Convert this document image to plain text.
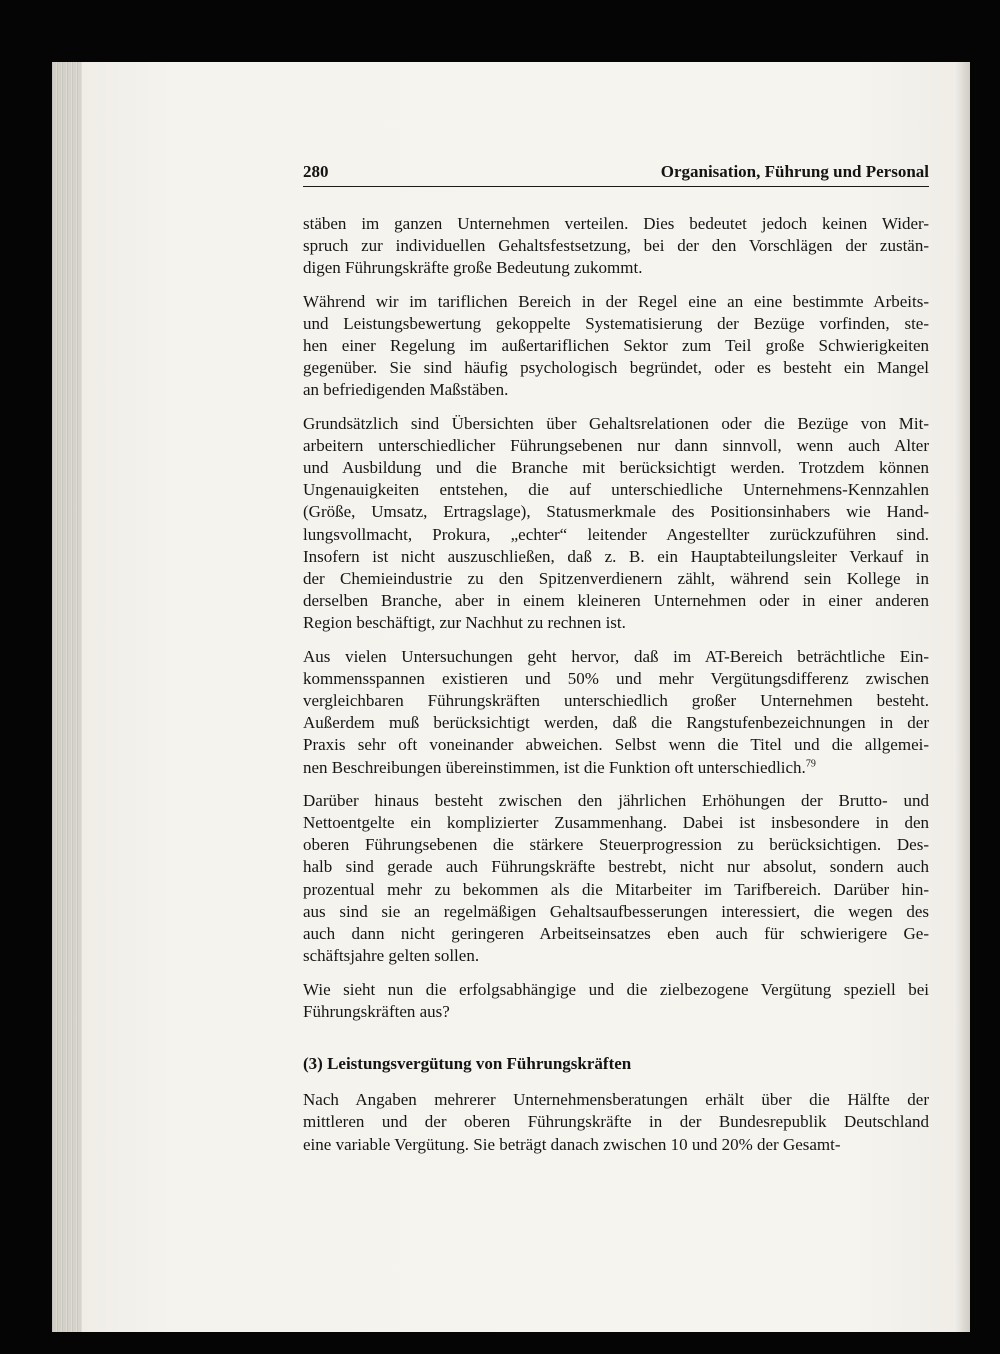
280	Organisation, Führung und Personal
stäben im ganzen Unternehmen verteilen. Dies bedeutet jedoch keinen Wider-
spruch zur individuellen Gehaltsfestsetzung, bei der den Vorschlägen der zustän-
digen Führungskräfte große Bedeutung zukommt.
Während wir im tariflichen Bereich in der Regel eine an eine bestimmte Arbeits-
und Leistungsbewertung gekoppelte Systematisierung der Bezüge vorfinden, ste-
hen einer Regelung im außertariflichen Sektor zum Teil große Schwierigkeiten
gegenüber. Sie sind häufig psychologisch begründet, oder es besteht ein Mangel
an befriedigenden Maßstäben.
Grundsätzlich sind Übersichten über Gehaltsrelationen oder die Bezüge von Mit-
arbeitern unterschiedlicher Führungsebenen nur dann sinnvoll, wenn auch Alter
und Ausbildung und die Branche mit berücksichtigt werden. Trotzdem können
Ungenauigkeiten entstehen, die auf unterschiedliche Unternehmens-Kennzahlen
(Größe, Umsatz, Ertragslage), Statusmerkmale des Positionsinhabers wie Hand-
lungsvollmacht, Prokura, „echter“ leitender Angestellter zurückzuführen sind.
Insofern ist nicht auszuschließen, daß z. B. ein Hauptabteilungsleiter Verkauf in
der Chemieindustrie zu den Spitzenverdienern zählt, während sein Kollege in
derselben Branche, aber in einem kleineren Unternehmen oder in einer anderen
Region beschäftigt, zur Nachhut zu rechnen ist.
Aus vielen Untersuchungen geht hervor, daß im AT-Bereich beträchtliche Ein-
kommensspannen existieren und 50% und mehr Vergütungsdifferenz zwischen
vergleichbaren Führungskräften unterschiedlich großer Unternehmen besteht.
Außerdem muß berücksichtigt werden, daß die Rangstufenbezeichnungen in der
Praxis sehr oft voneinander abweichen. Selbst wenn die Titel und die allgemei-
nen Beschreibungen übereinstimmen, ist die Funktion oft unterschiedlich.$^{79}$
Darüber hinaus besteht zwischen den jährlichen Erhöhungen der Brutto- und
Nettoentgelte ein komplizierter Zusammenhang. Dabei ist insbesondere in den
oberen Führungsebenen die stärkere Steuerprogression zu berücksichtigen. Des-
halb sind gerade auch Führungskräfte bestrebt, nicht nur absolut, sondern auch
prozentual mehr zu bekommen als die Mitarbeiter im Tarifbereich. Darüber hin-
aus sind sie an regelmäßigen Gehaltsaufbesserungen interessiert, die wegen des
auch dann nicht geringeren Arbeitseinsatzes eben auch für schwierigere Ge-
schäftsjahre gelten sollen.
Wie sieht nun die erfolgsabhängige und die zielbezogene Vergütung speziell bei
Führungskräften aus?
(3) Leistungsvergütung von Führungskräften
Nach Angaben mehrerer Unternehmensberatungen erhält über die Hälfte der
mittleren und der oberen Führungskräfte in der Bundesrepublik Deutschland
eine variable Vergütung. Sie beträgt danach zwischen 10 und 20% der Gesamt-
